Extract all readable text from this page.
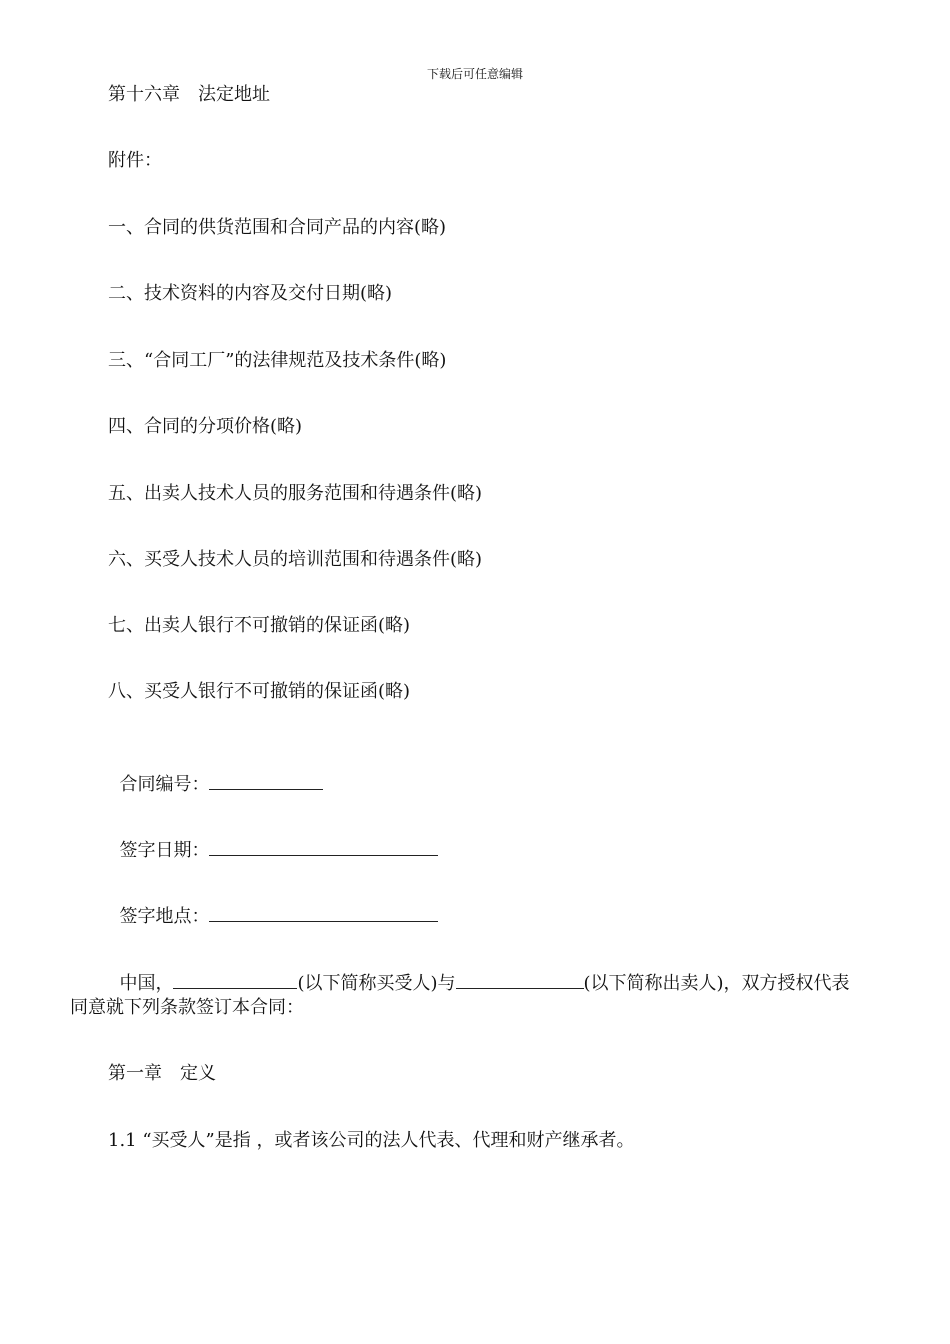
下载后可任意编辑
第十六章　法定地址
附件：
一、合同的供货范围和合同产品的内容(略)
二、技术资料的内容及交付日期(略)
三、“合同工厂”的法律规范及技术条件(略)
四、合同的分项价格(略)
五、出卖人技术人员的服务范围和待遇条件(略)
六、买受人技术人员的培训范围和待遇条件(略)
七、出卖人银行不可撤销的保证函(略)
八、买受人银行不可撤销的保证函(略)

合同编号：

签字日期：

签字地点：

中国，	(以下简称买受人)与	(以下简称出卖人)，双方授权代表

同意就下列条款签订本合同：
第一章　定义
1.1 “买受人”是指 ，或者该公司的法人代表、代理和财产继承者。
